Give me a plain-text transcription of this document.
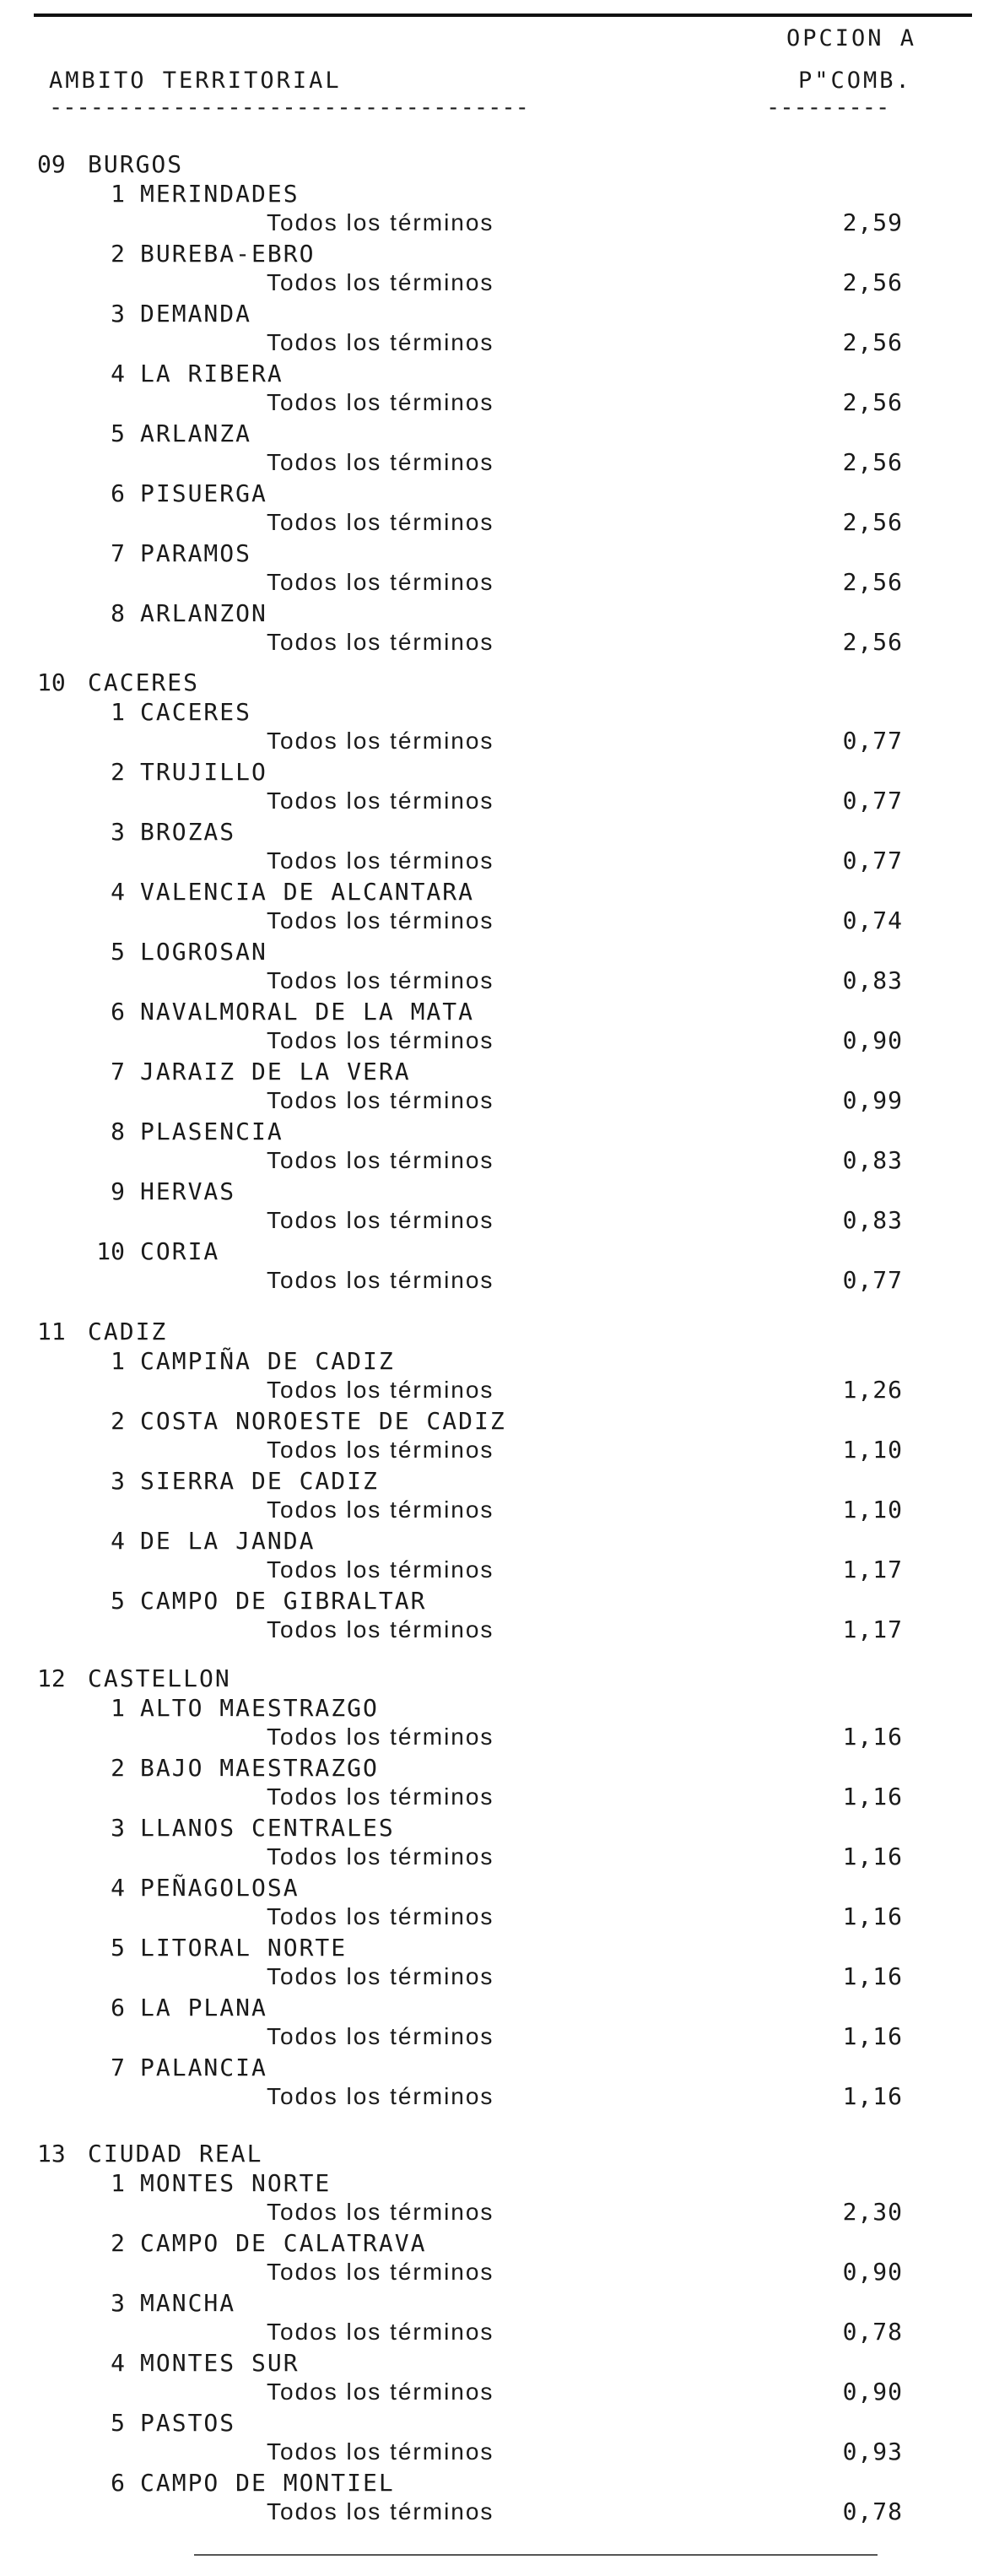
OPCION A
AMBITO TERRITORIAL	P"COMB.
-----------------------------------	---------
09 BURGOS
1 MERINDADES
Todos los términos	2,59
2 BUREBA-EBRO
Todos los términos	2,56
3 DEMANDA
Todos los términos	2,56
4 LA RIBERA
Todos los términos	2,56
5 ARLANZA
Todos los términos	2,56
6 PISUERGA
Todos los términos	2,56
7 PARAMOS
Todos los términos	2,56
8 ARLANZON
Todos los términos	2,56
10 CACERES
1 CACERES
Todos los términos	0,77
2 TRUJILLO
Todos los términos	0,77
3 BROZAS
Todos los términos	0,77
4 VALENCIA DE ALCANTARA
Todos los términos	0,74
5 LOGROSAN
Todos los términos	0,83
6 NAVALMORAL DE LA MATA
Todos los términos	0,90
7 JARAIZ DE LA VERA
Todos los términos	0,99
8 PLASENCIA
Todos los términos	0,83
9 HERVAS
Todos los términos	0,83
10 CORIA
Todos los términos	0,77
11 CADIZ
1 CAMPIÑA DE CADIZ
Todos los términos	1,26
2 COSTA NOROESTE DE CADIZ
Todos los términos	1,10
3 SIERRA DE CADIZ
Todos los términos	1,10
4 DE LA JANDA
Todos los términos	1,17
5 CAMPO DE GIBRALTAR
Todos los términos	1,17
12 CASTELLON
1 ALTO MAESTRAZGO
Todos los términos	1,16
2 BAJO MAESTRAZGO
Todos los términos	1,16
3 LLANOS CENTRALES
Todos los términos	1,16
4 PEÑAGOLOSA
Todos los términos	1,16
5 LITORAL NORTE
Todos los términos	1,16
6 LA PLANA
Todos los términos	1,16
7 PALANCIA
Todos los términos	1,16
13 CIUDAD REAL
1 MONTES NORTE
Todos los términos	2,30
2 CAMPO DE CALATRAVA
Todos los términos	0,90
3 MANCHA
Todos los términos	0,78
4 MONTES SUR
Todos los términos	0,90
5 PASTOS
Todos los términos	0,93
6 CAMPO DE MONTIEL
Todos los términos	0,78
